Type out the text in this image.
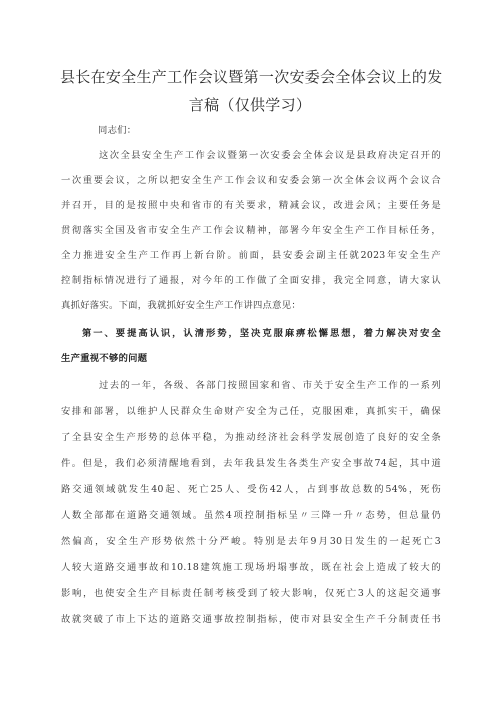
县长在安全生产工作会议暨第一次安委会全体会议上的发
言稿（仅供学习）
同志们：
这次全县安全生产工作会议暨第一次安委会全体会议是县政府决定召开的
一次重要会议，之所以把安全生产工作会议和安委会第一次全体会议两个会议合
并召开，目的是按照中央和省市的有关要求，精减会议，改进会风；主要任务是
贯彻落实全国及省市安全生产工作会议精神，部署今年安全生产工作目标任务，
全力推进安全生产工作再上新台阶。前面，县安委会副主任就2023年安全生产
控制指标情况进行了通报，对今年的工作做了全面安排，我完全同意，请大家认
真抓好落实。下面，我就抓好安全生产工作讲四点意见：
第一、要提高认识，认清形势，坚决克服麻痹松懈思想，着力解决对安全
生产重视不够的问题
过去的一年，各级、各部门按照国家和省、市关于安全生产工作的一系列
安排和部署，以维护人民群众生命财产安全为己任，克服困难，真抓实干，确保
了全县安全生产形势的总体平稳，为推动经济社会科学发展创造了良好的安全条
件。但是，我们必须清醒地看到，去年我县发生各类生产安全事故74起，其中道
路交通领域就发生40起、死亡25人、受伤42人，占到事故总数的54%，死伤
人数全部都在道路交通领域。虽然4项控制指标呈〃三降一升〃态势，但总量仍
然偏高，安全生产形势依然十分严峻。特别是去年9月30日发生的一起死亡3
人较大道路交通事故和10.18建筑施工现场坍塌事故，既在社会上造成了较大的
影响，也使安全生产目标责任制考核受到了较大影响，仅死亡3人的这起交通事
故就突破了市上下达的道路交通事故控制指标，使市对县安全生产千分制责任书
